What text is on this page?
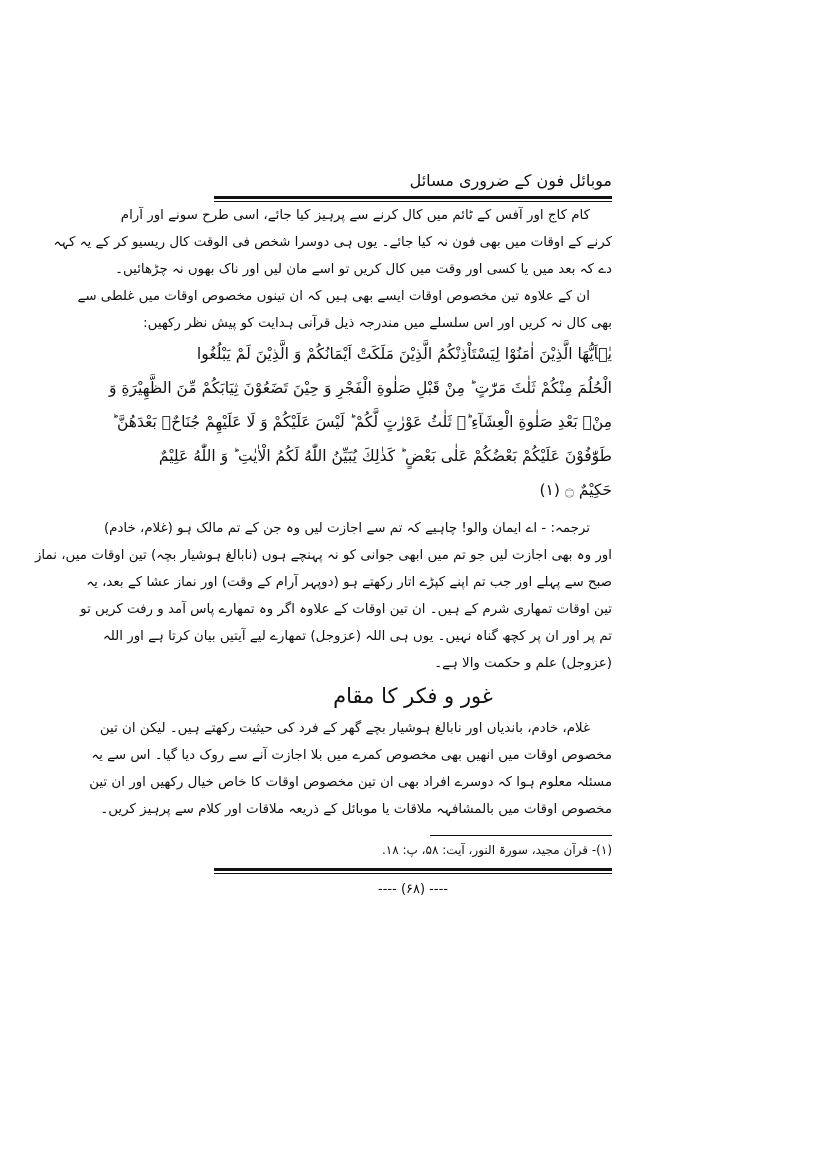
موبائل فون کے ضروری مسائل
کام کاج اور آفس کے ٹائم میں کال کرنے سے پرہیز کیا جائے، اسی طرح سونے اور آرام
کرنے کے اوقات میں بھی فون نہ کیا جائے۔ یوں ہی دوسرا شخص فی الوقت کال ریسیو کر کے یہ کہہ
دے کہ بعد میں یا کسی اور وقت میں کال کریں تو اسے مان لیں اور ناک بھوں نہ چڑھائیں۔
ان کے علاوہ تین مخصوص اوقات ایسے بھی ہیں کہ ان تینوں مخصوص اوقات میں غلطی سے
بھی کال نہ کریں اور اس سلسلے میں مندرجہ ذیل قرآنی ہدایت کو پیش نظر رکھیں:
یٰۤاَیُّهَا الَّذِیْنَ اٰمَنُوْا لِیَسْتَاْذِنْكُمُ الَّذِیْنَ مَلَكَتْ اَیْمَانُكُمْ وَ الَّذِیْنَ لَمْ یَبْلُغُوا
الْحُلُمَ مِنْكُمْ ثَلٰثَ مَرّٰتٍ ؕ مِنْ قَبْلِ صَلٰوةِ الْفَجْرِ وَ حِیْنَ تَضَعُوْنَ ثِیَابَكُمْ مِّنَ الظَّهِیْرَةِ وَ
مِنْۢ بَعْدِ صَلٰوةِ الْعِشَآءِ ؕ۫ ثَلٰثُ عَوْرٰتٍ لَّكُمْ ؕ لَیْسَ عَلَیْكُمْ وَ لَا عَلَیْهِمْ جُنَاحٌۢ بَعْدَهُنَّ ؕ
طَوّٰفُوْنَ عَلَیْكُمْ بَعْضُكُمْ عَلٰى بَعْضٍ ؕ كَذٰلِكَ یُبَیِّنُ اللّٰهُ لَكُمُ الْاٰیٰتِ ؕ وَ اللّٰهُ عَلِیْمٌ
حَكِیْمٌ ۝ (۱)
ترجمہ: - اے ایمان والو! چاہیے کہ تم سے اجازت لیں وہ جن کے تم مالک ہو (غلام، خادم)
اور وہ بھی اجازت لیں جو تم میں ابھی جوانی کو نہ پہنچے ہوں (نابالغ ہوشیار بچہ) تین اوقات میں، نماز
صبح سے پہلے اور جب تم اپنے کپڑے اتار رکھتے ہو (دوپہر آرام کے وقت) اور نماز عشا کے بعد، یہ
تین اوقات تمھاری شرم کے ہیں۔ ان تین اوقات کے علاوہ اگر وہ تمھارے پاس آمد و رفت کریں تو
تم پر اور ان پر کچھ گناہ نہیں۔ یوں ہی اللہ (عزوجل) تمھارے لیے آیتیں بیان کرتا ہے اور اللہ
(عزوجل) علم و حکمت والا ہے۔
غور و فکر کا مقام
غلام، خادم، باندیاں اور نابالغ ہوشیار بچے گھر کے فرد کی حیثیت رکھتے ہیں۔ لیکن ان تین
مخصوص اوقات میں انھیں بھی مخصوص کمرے میں بلا اجازت آنے سے روک دیا گیا۔ اس سے یہ
مسئلہ معلوم ہوا کہ دوسرے افراد بھی ان تین مخصوص اوقات کا خاص خیال رکھیں اور ان تین
مخصوص اوقات میں بالمشافہہ ملاقات یا موبائل کے ذریعہ ملاقات اور کلام سے پرہیز کریں۔
(۱)- قرآن مجید، سورۃ النور، آیت: ۵۸، پ: ۱۸.
---- (۶۸) ----
